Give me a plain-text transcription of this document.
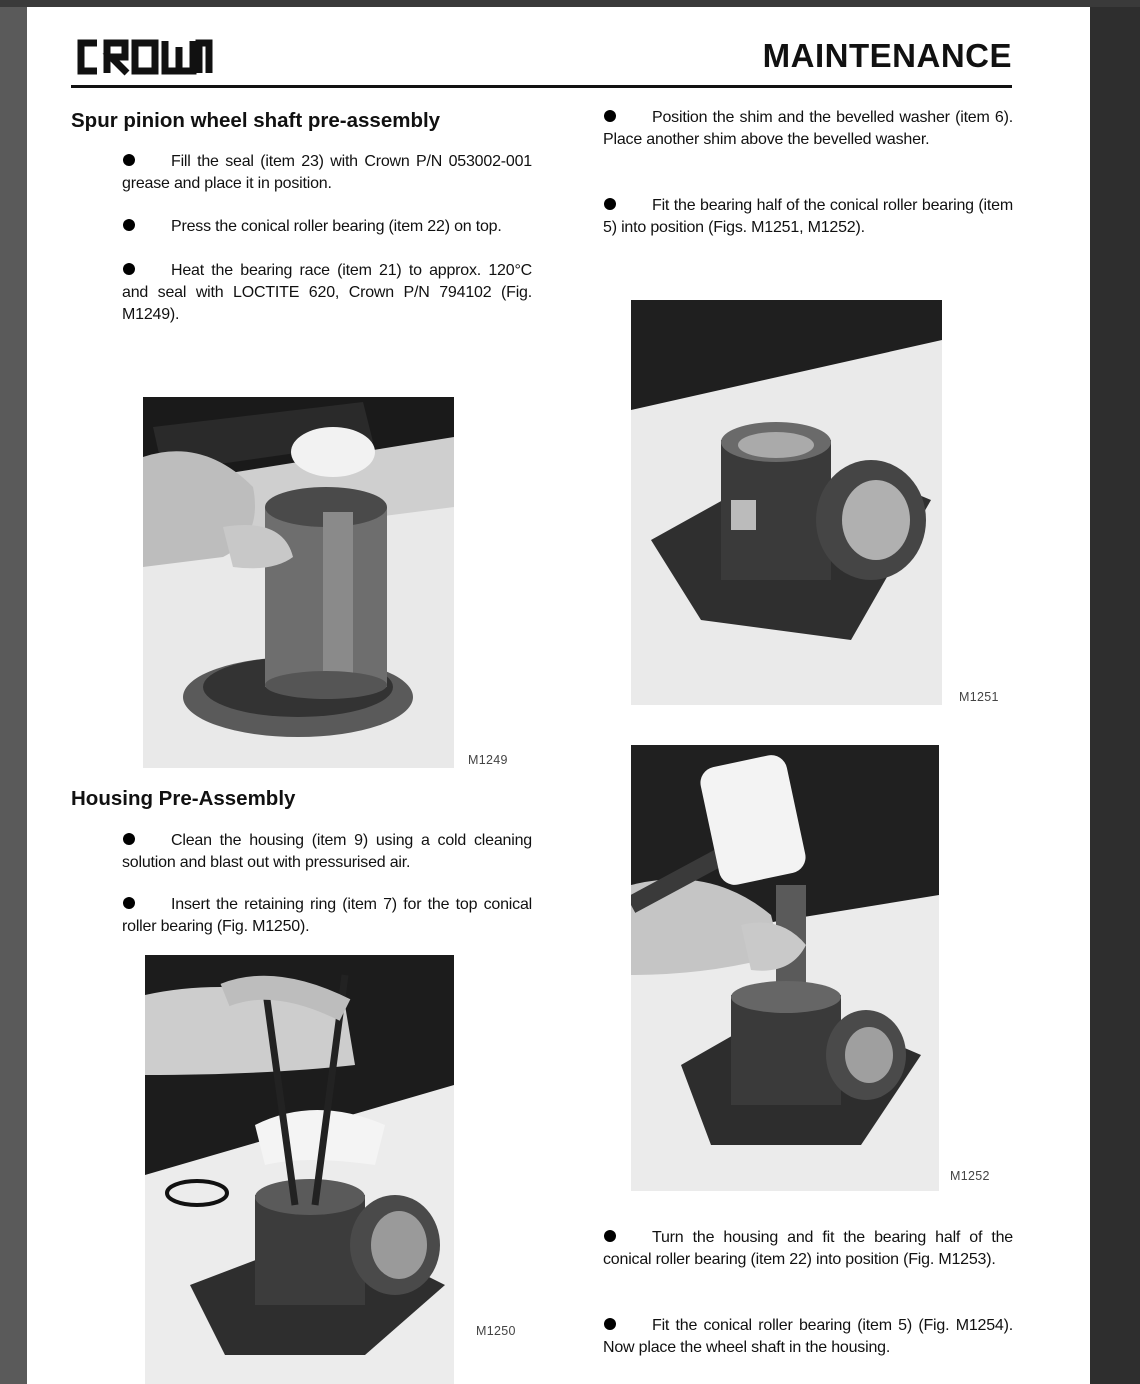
MAINTENANCE
Spur pinion wheel shaft pre-assembly

Fill the seal (item 23) with Crown P/N 053002-001 grease and place it in position.

Press the conical roller bearing (item 22) on top.

Heat the bearing race (item 21) to approx. 120°C and seal with LOCTITE 620, Crown P/N 794102 (Fig. M1249).

M1249
Housing Pre-Assembly

Clean the housing (item 9) using a cold cleaning solution and blast out with pressurised air.

Insert the retaining ring (item 7) for the top conical roller bearing (Fig. M1250).

M1250

Position the shim and the bevelled washer (item 6). Place another shim above the bevelled washer.

Fit the bearing half of the conical roller bearing (item 5) into position (Figs. M1251, M1252).

M1251
M1252

Turn the housing and fit the bearing half of the conical roller bearing (item 22) into position (Fig. M1253).

Fit the conical roller bearing (item 5) (Fig. M1254). Now place the wheel shaft in the housing.
